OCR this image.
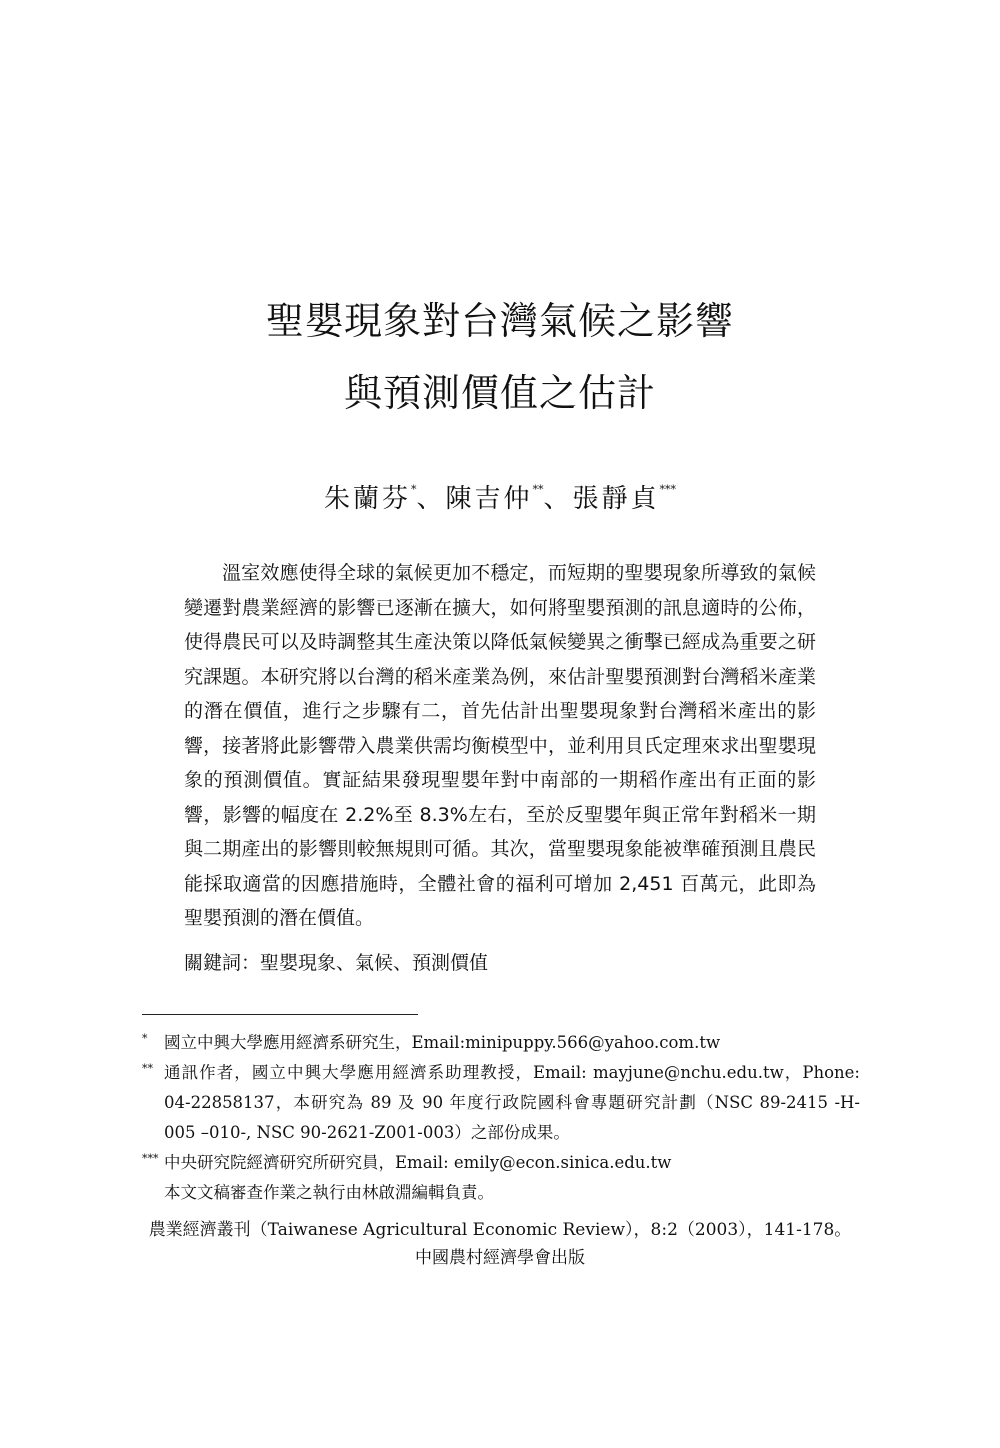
聖嬰現象對台灣氣候之影響
與預測價值之估計
朱蘭芬*、陳吉仲**、張靜貞***
溫室效應使得全球的氣候更加不穩定，而短期的聖嬰現象所導致的氣候變遷對農業經濟的影響已逐漸在擴大，如何將聖嬰預測的訊息適時的公佈，使得農民可以及時調整其生產決策以降低氣候變異之衝擊已經成為重要之研究課題。本研究將以台灣的稻米產業為例，來估計聖嬰預測對台灣稻米產業的潛在價值，進行之步驟有二，首先估計出聖嬰現象對台灣稻米產出的影響，接著將此影響帶入農業供需均衡模型中，並利用貝氏定理來求出聖嬰現象的預測價值。實証結果發現聖嬰年對中南部的一期稻作產出有正面的影響，影響的幅度在 2.2%至 8.3%左右，至於反聖嬰年與正常年對稻米一期與二期產出的影響則較無規則可循。其次，當聖嬰現象能被準確預測且農民能採取適當的因應措施時，全體社會的福利可增加 2,451 百萬元，此即為聖嬰預測的潛在價值。
關鍵詞：聖嬰現象、氣候、預測價值
* 國立中興大學應用經濟系研究生，Email:minipuppy.566@yahoo.com.tw
** 通訊作者，國立中興大學應用經濟系助理教授，Email: mayjune@nchu.edu.tw，Phone: 04-22858137，本研究為 89 及 90 年度行政院國科會專題研究計劃（NSC 89-2415 -H- 005 –010-, NSC 90-2621-Z001-003）之部份成果。
*** 中央研究院經濟研究所研究員，Email: emily@econ.sinica.edu.tw
本文文稿審查作業之執行由林啟淵編輯負責。
農業經濟叢刊（Taiwanese Agricultural Economic Review），8:2（2003），141-178。
中國農村經濟學會出版
